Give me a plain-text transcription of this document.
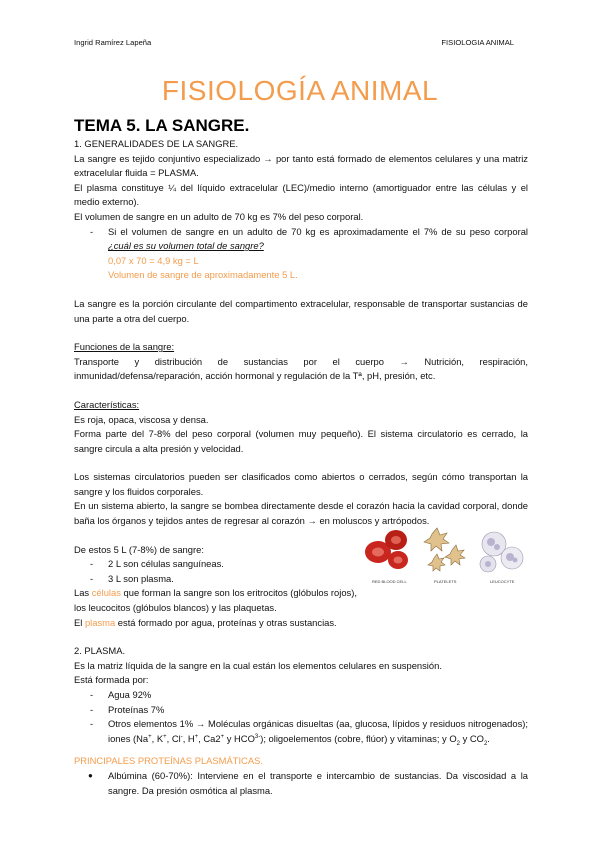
Ingrid Ramírez Lapeña	FISIOLOGIA ANIMAL
FISIOLOGÍA ANIMAL
TEMA 5. LA SANGRE.

1. GENERALIDADES DE LA SANGRE.

La sangre es tejido conjuntivo especializado → por tanto está formado de elementos celulares y una matriz extracelular fluida = PLASMA.

El plasma constituye ¼ del líquido extracelular (LEC)/medio interno (amortiguador entre las células y el medio externo).

El volumen de sangre en un adulto de 70 kg es 7% del peso corporal.

- Si el volumen de sangre en un adulto de 70 kg es aproximadamente el 7% de su peso corporal ¿cuál es su volumen total de sangre?

0,07 x 70 = 4,9 kg = L

Volumen de sangre de aproximadamente 5 L.

La sangre es la porción circulante del compartimento extracelular, responsable de transportar sustancias de una parte a otra del cuerpo.

Funciones de la sangre:

Transporte y distribución de sustancias por el cuerpo → Nutrición, respiración, inmunidad/defensa/reparación, acción hormonal y regulación de la Tª, pH, presión, etc.

Características:

Es roja, opaca, viscosa y densa.

Forma parte del 7-8% del peso corporal (volumen muy pequeño). El sistema circulatorio es cerrado, la sangre circula a alta presión y velocidad.

Los sistemas circulatorios pueden ser clasificados como abiertos o cerrados, según cómo transportan la sangre y los fluidos corporales.

En un sistema abierto, la sangre se bombea directamente desde el corazón hacia la cavidad corporal, donde baña los órganos y tejidos antes de regresar al corazón → en moluscos y artrópodos.

De estos 5 L (7-8%) de sangre:

- 2 L son células sanguíneas.

- 3 L son plasma.

Las células que forman la sangre son los eritrocitos (glóbulos rojos), los leucocitos (glóbulos blancos) y las plaquetas.

El plasma está formado por agua, proteínas y otras sustancias.

2. PLASMA.

Es la matriz líquida de la sangre en la cual están los elementos celulares en suspensión.

Está formada por:

- Agua 92%

- Proteínas 7%

- Otros elementos 1% → Moléculas orgánicas disueltas (aa, glucosa, lípidos y residuos nitrogenados); iones (Na+, K+, Cl-, H+, Ca2+ y $HCO^{3-}$); oligoelementos (cobre, flúor) y vitaminas; y $O_2$ y $CO_2$.

PRINCIPALES PROTEÍNAS PLASMÁTICAS.

● Albúmina (60-70%): Interviene en el transporte e intercambio de sustancias. Da viscosidad a la sangre. Da presión osmótica al plasma.

RED BLOOD CELL	PLATELETS	LEUCOCYTE
